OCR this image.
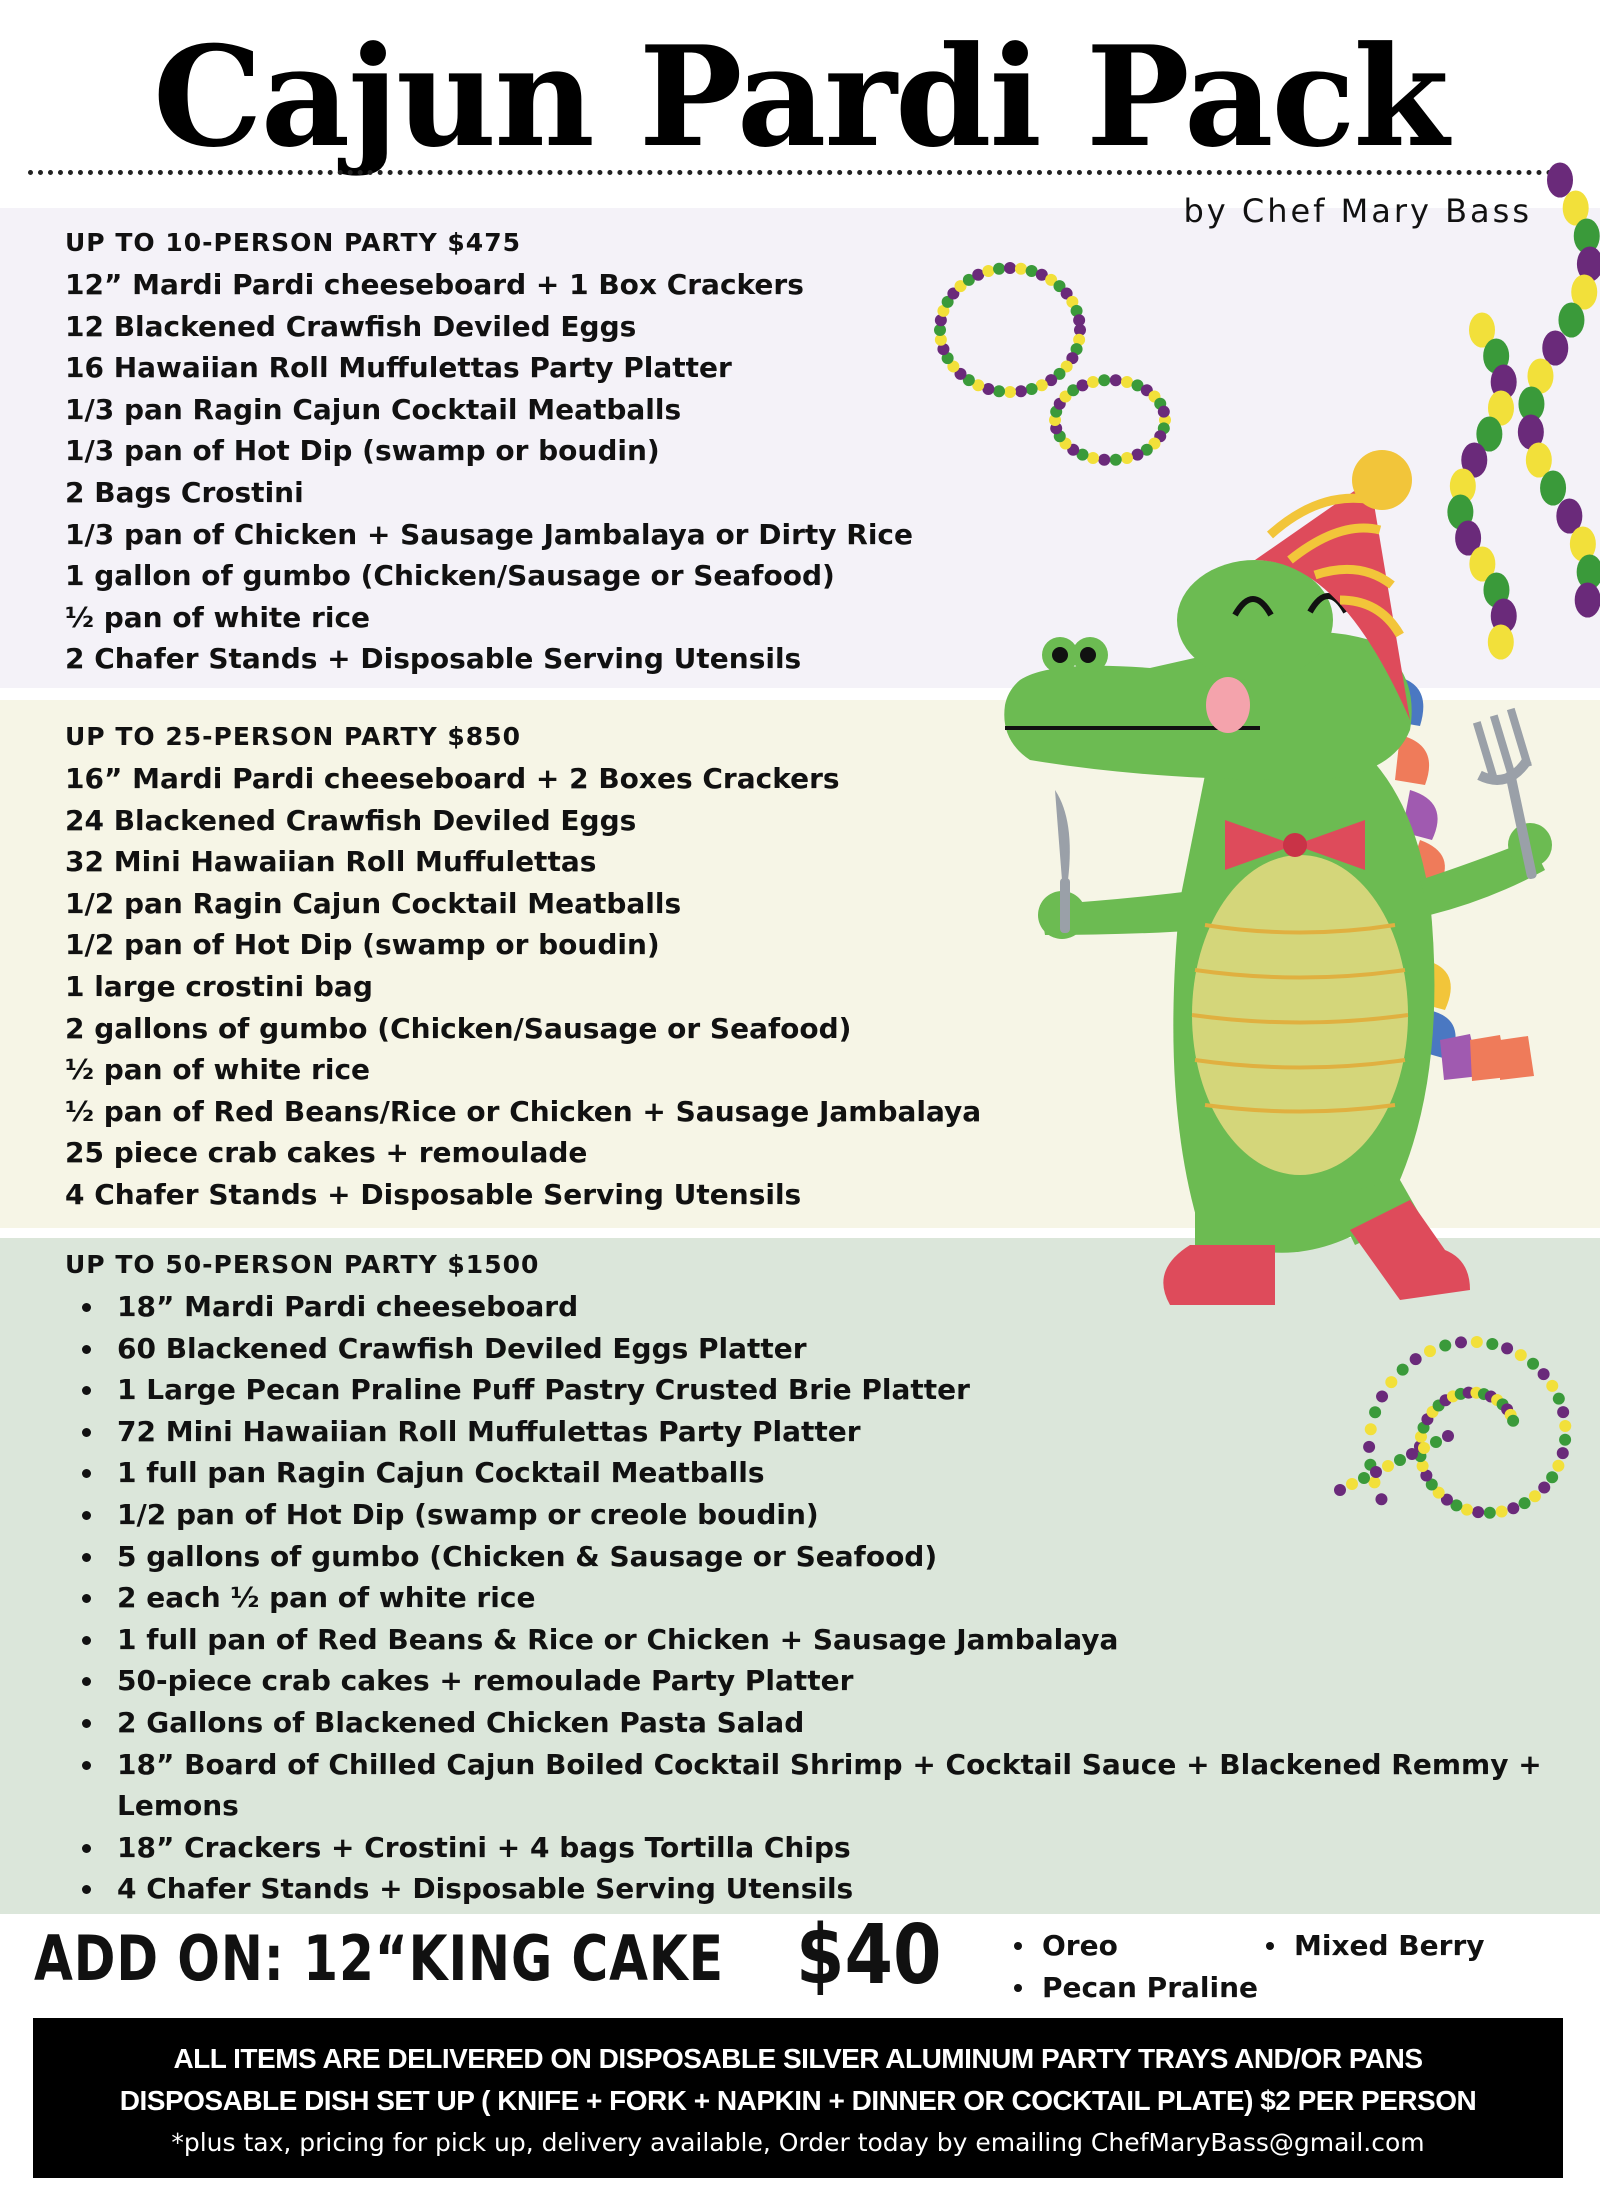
Cajun Pardi Pack
by Chef Mary Bass
UP TO 10-PERSON PARTY $475
12” Mardi Pardi cheeseboard + 1 Box Crackers
12 Blackened Crawfish Deviled Eggs
16 Hawaiian Roll Muffulettas Party Platter
1/3 pan Ragin Cajun Cocktail Meatballs
1/3 pan of Hot Dip (swamp or boudin)
2 Bags Crostini
1/3 pan of Chicken + Sausage Jambalaya or Dirty Rice
1 gallon of gumbo (Chicken/Sausage or Seafood)
½ pan of white rice
2 Chafer Stands + Disposable Serving Utensils
UP TO 25-PERSON PARTY $850
16” Mardi Pardi cheeseboard + 2 Boxes Crackers
24 Blackened Crawfish Deviled Eggs
32 Mini Hawaiian Roll Muffulettas
1/2 pan Ragin Cajun Cocktail Meatballs
1/2 pan of Hot Dip (swamp or boudin)
1 large crostini bag
2 gallons of gumbo (Chicken/Sausage or Seafood)
½ pan of white rice
½ pan of Red Beans/Rice or Chicken + Sausage Jambalaya
25 piece crab cakes + remoulade
4 Chafer Stands + Disposable Serving Utensils
UP TO 50-PERSON PARTY $1500
18” Mardi Pardi cheeseboard
60 Blackened Crawfish Deviled Eggs Platter
1 Large Pecan Praline Puff Pastry Crusted Brie Platter
72 Mini Hawaiian Roll Muffulettas Party Platter
1 full pan Ragin Cajun Cocktail Meatballs
1/2 pan of Hot Dip (swamp or creole boudin)
5 gallons of gumbo (Chicken & Sausage or Seafood)
2 each ½ pan of white rice
1 full pan of Red Beans & Rice or Chicken + Sausage Jambalaya
50-piece crab cakes + remoulade Party Platter
2 Gallons of Blackened Chicken Pasta Salad
18” Board of Chilled Cajun Boiled Cocktail Shrimp + Cocktail Sauce + Blackened Remmy + Lemons
18” Crackers + Crostini + 4 bags Tortilla Chips
4 Chafer Stands + Disposable Serving Utensils
ADD ON: 12“KING CAKE $40	Oreo
Pecan Praline
Mixed Berry
ALL ITEMS ARE DELIVERED ON DISPOSABLE SILVER ALUMINUM PARTY TRAYS AND/OR PANS
DISPOSABLE DISH SET UP ( KNIFE + FORK + NAPKIN + DINNER OR COCKTAIL PLATE) $2 PER PERSON
*plus tax, pricing for pick up, delivery available, Order today by emailing ChefMaryBass@gmail.com
